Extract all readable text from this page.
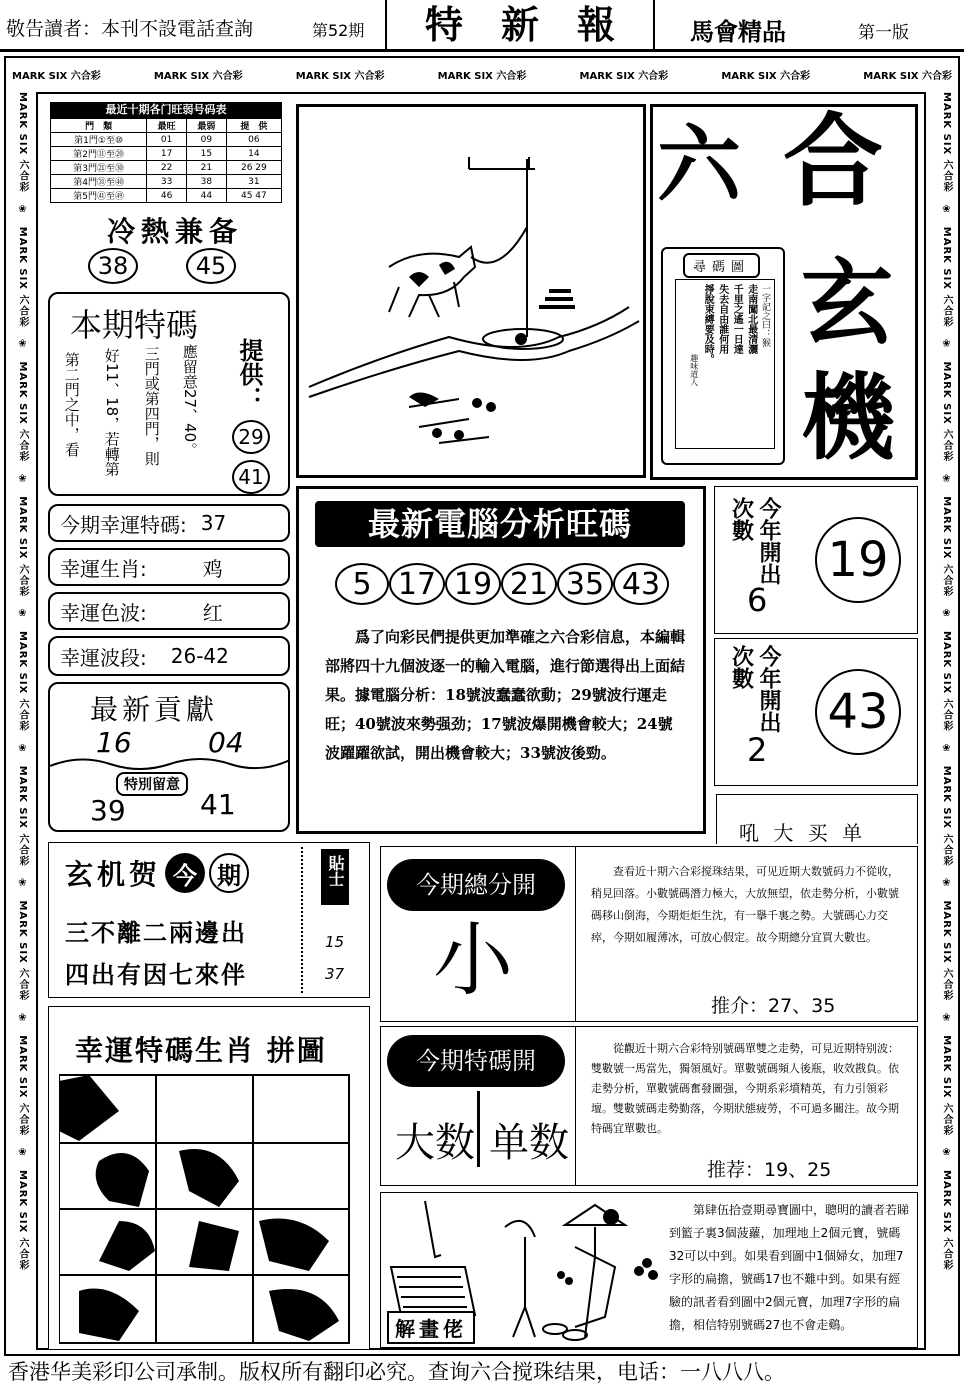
敬告讀者：本刊不設電話查詢	第52期	特　新　報	馬會精品	第一版
MARK SIX 六合彩	MARK SIX 六合彩	MARK SIX 六合彩	MARK SIX 六合彩	MARK SIX 六合彩	MARK SIX 六合彩	MARK SIX 六合彩
MARK SIX 六合彩　❀　MARK SIX 六合彩　❀　MARK SIX 六合彩　❀　MARK SIX 六合彩　❀　MARK SIX 六合彩　❀　MARK SIX 六合彩　❀　MARK SIX 六合彩　❀　MARK SIX 六合彩　❀　MARK SIX 六合彩
MARK SIX 六合彩　❀　MARK SIX 六合彩　❀　MARK SIX 六合彩　❀　MARK SIX 六合彩　❀　MARK SIX 六合彩　❀　MARK SIX 六合彩　❀　MARK SIX 六合彩　❀　MARK SIX 六合彩　❀　MARK SIX 六合彩
最近十期各门旺弱号码表
門　類	最旺	最弱	提　供
第1門①至⑩	01	09	06
第2門⑪至⑳	17	15	14
第3門㉑至㉚	22	21	26 29
第4門㉛至㊵	33	38	31
第5門㊶至㊾	46	44	45 47
冷熱兼备
38	45
本期特碼
第二門之中，看 好11、18，若轉第 三門或第四門，則 應留意27、40。 提供：
29
41
今期幸運特碼: 37
幸運生肖:	鸡
幸運色波:	红
幸運波段: 26-42
最新貢獻
16	04
特別留意
39	41
玄机贺 今 期
三不離二兩邊出
四出有因七來伴
貼士
15
37
幸運特碼生肖 拼圖
六 合
玄
機
尋碼圖
一字記之曰：猴
走南闖北最清灑
千里之遙一日達
失去自由誰何用
掙脫束縛要及時。
趣味道人
最新電腦分析旺碼
5 17 19 21 35 43
　　爲了向彩民們提供更加準確之六合彩信息，本編輯部將四十九個波逐一的輸入電腦，進行節選得出上面結果。據電腦分析：18號波蠢蠢欲動；29號波行運走旺；40號波來勢强劲；17號波爆開機會較大；24號波躍躍欲試，開出機會較大；33號波後勁。
今年開出次數
6
19
今年開出次數
2
43
吼 大 买 单
今期總分開
小
　　查看近十期六合彩搅珠结果，可见近期大数號码力不從收，稍見回落。小數號碼潛力極大，大放無望，依走勢分析，小數號碼移山倒海，今期炬炬生沈，有一擧千裏之勢。大號碼心力交瘁，今期如履薄冰，可放心假定。故今期總分宜買大數也。
推介：27、35
今期特碼開
大数 单数
　　從觀近十期六合彩特别號碼單雙之走勢，可見近期特别波：雙數號一馬當先，獨領風好。單數號碼頻人後瓶，收效戡負。依走勢分析，單數號碼奮發圖强，今期系彩墳精英，有力引領彩壇。雙數號碼走勢勤落，今期狀態疲勞，不可過多關注。故今期特碼宜單數也。
推荐：19、25
解畫佬
　　第肆伍拾壹期尋寶圖中，聰明的讀者若睇到籃子裏3個菠蘿，加理地上2個元寶，號碼32可以中到。如果看到圖中1個婦女，加理7字形的扁擔，號碼17也不難中到。如果有經驗的訊者看到圖中2個元寶，加理7字形的扁擔，相信特别號碼27也不會走鷄。
香港华美彩印公司承制。版权所有翻印必究。查询六合搅珠结果，电话：一八八八。
